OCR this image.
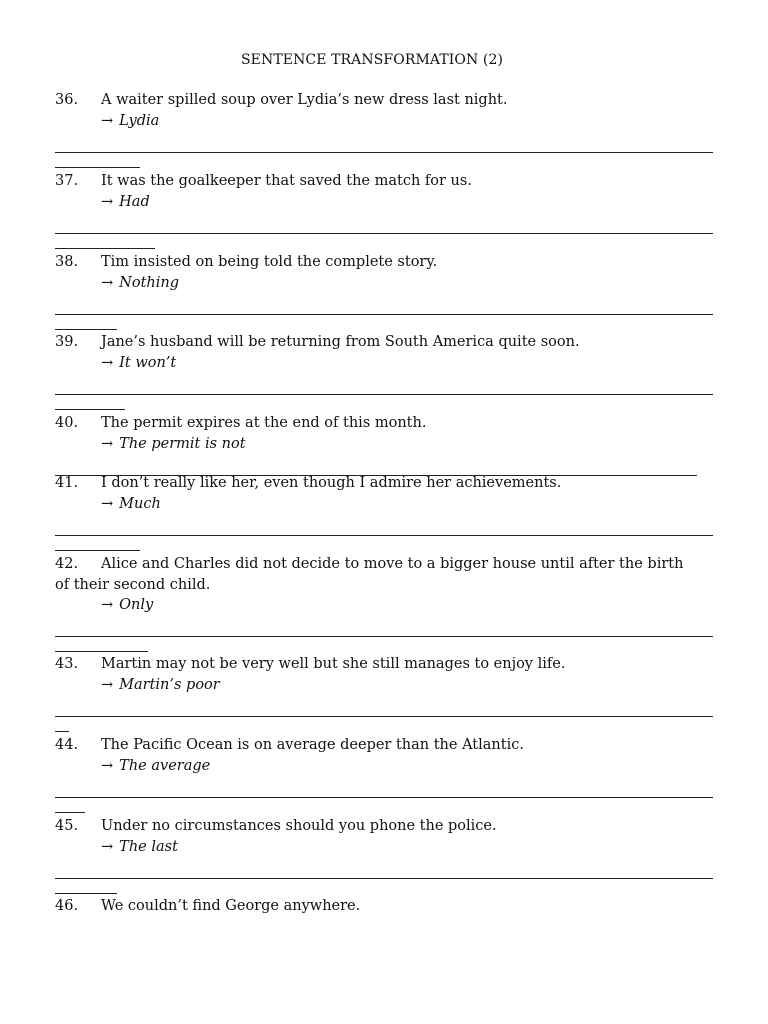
SENTENCE TRANSFORMATION (2)
36. A waiter spilled soup over Lydia’s new dress last night.
→ Lydia
37. It was the goalkeeper that saved the match for us.
→ Had
38. Tim insisted on being told the complete story.
→ Nothing
39. Jane’s husband will be returning from South America quite soon.
→ It won’t
40. The permit expires at the end of this month.
→ The permit is not
41. I don’t really like her, even though I admire her achievements.
→ Much
42. Alice and Charles did not decide to move to a bigger house until after the birth of their second child.
→ Only
43. Martin may not be very well but she still manages to enjoy life.
→ Martin’s poor
44. The Pacific Ocean is on average deeper than the Atlantic.
→ The average
45. Under no circumstances should you phone the police.
→ The last
46. We couldn’t find George anywhere.
